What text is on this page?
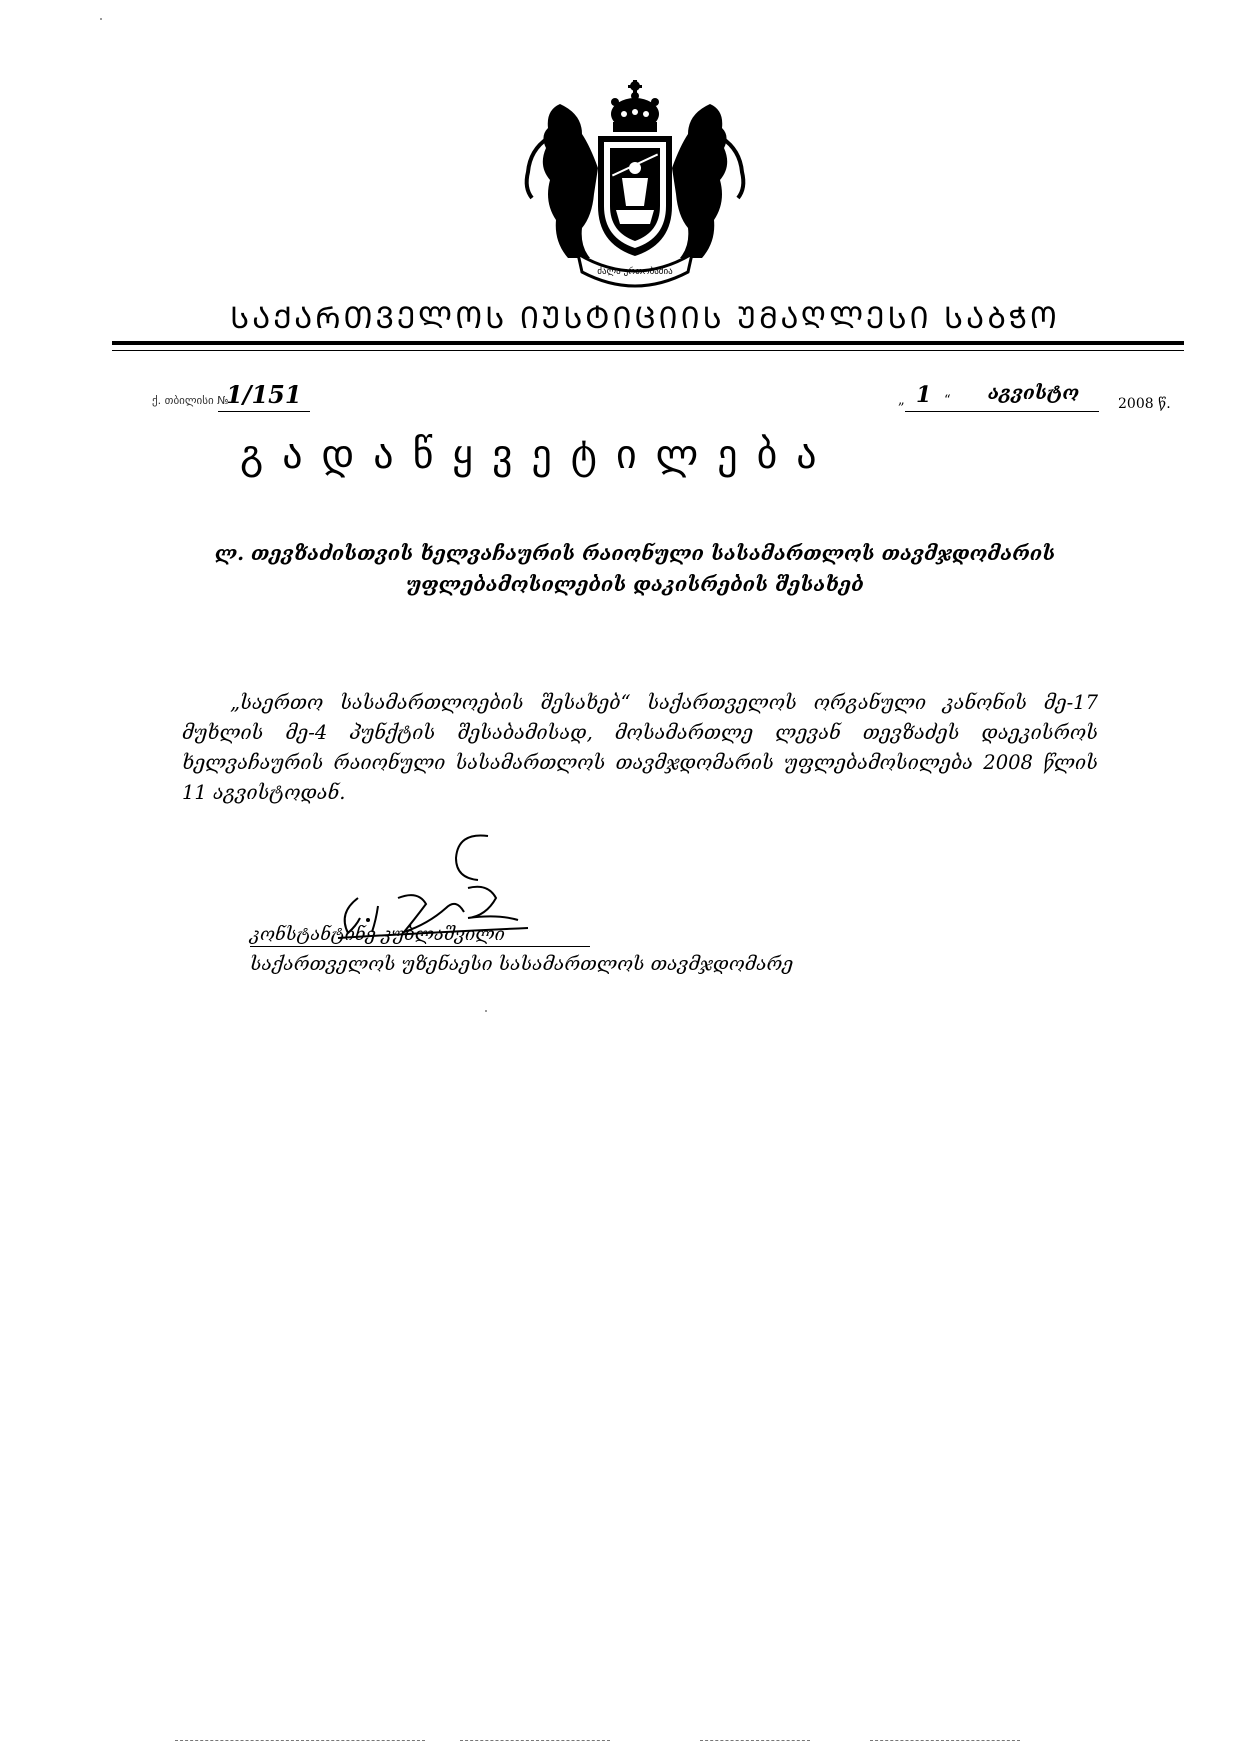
ძალა ერთობაშია
ᲡᲐᲥᲐᲠᲗᲕᲔᲚᲝᲡ ᲘᲣᲡᲢᲘᲪᲘᲘᲡ ᲣᲛᲐᲦᲚᲔᲡᲘ ᲡᲐᲑᲭᲝ
ქ. თბილისი №
1/151	„ 1 “ აგვისტო	2008 წ.
გადაწყვეტილება
ლ. თევზაძისთვის ხელვაჩაურის რაიონული სასამართლოს თავმჯდომარის
უფლებამოსილების დაკისრების შესახებ
„საერთო სასამართლოების შესახებ“ საქართველოს ორგანული კანონის მე-17 მუხლის მე-4 პუნქტის შესაბამისად, მოსამართლე ლევან თევზაძეს დაეკისროს ხელვაჩაურის რაიონული სასამართლოს თავმჯდომარის უფლებამოსილება 2008 წლის 11 აგვისტოდან.
კონსტანტინე კუბლაშვილი
საქართველოს უზენაესი სასამართლოს თავმჯდომარე
